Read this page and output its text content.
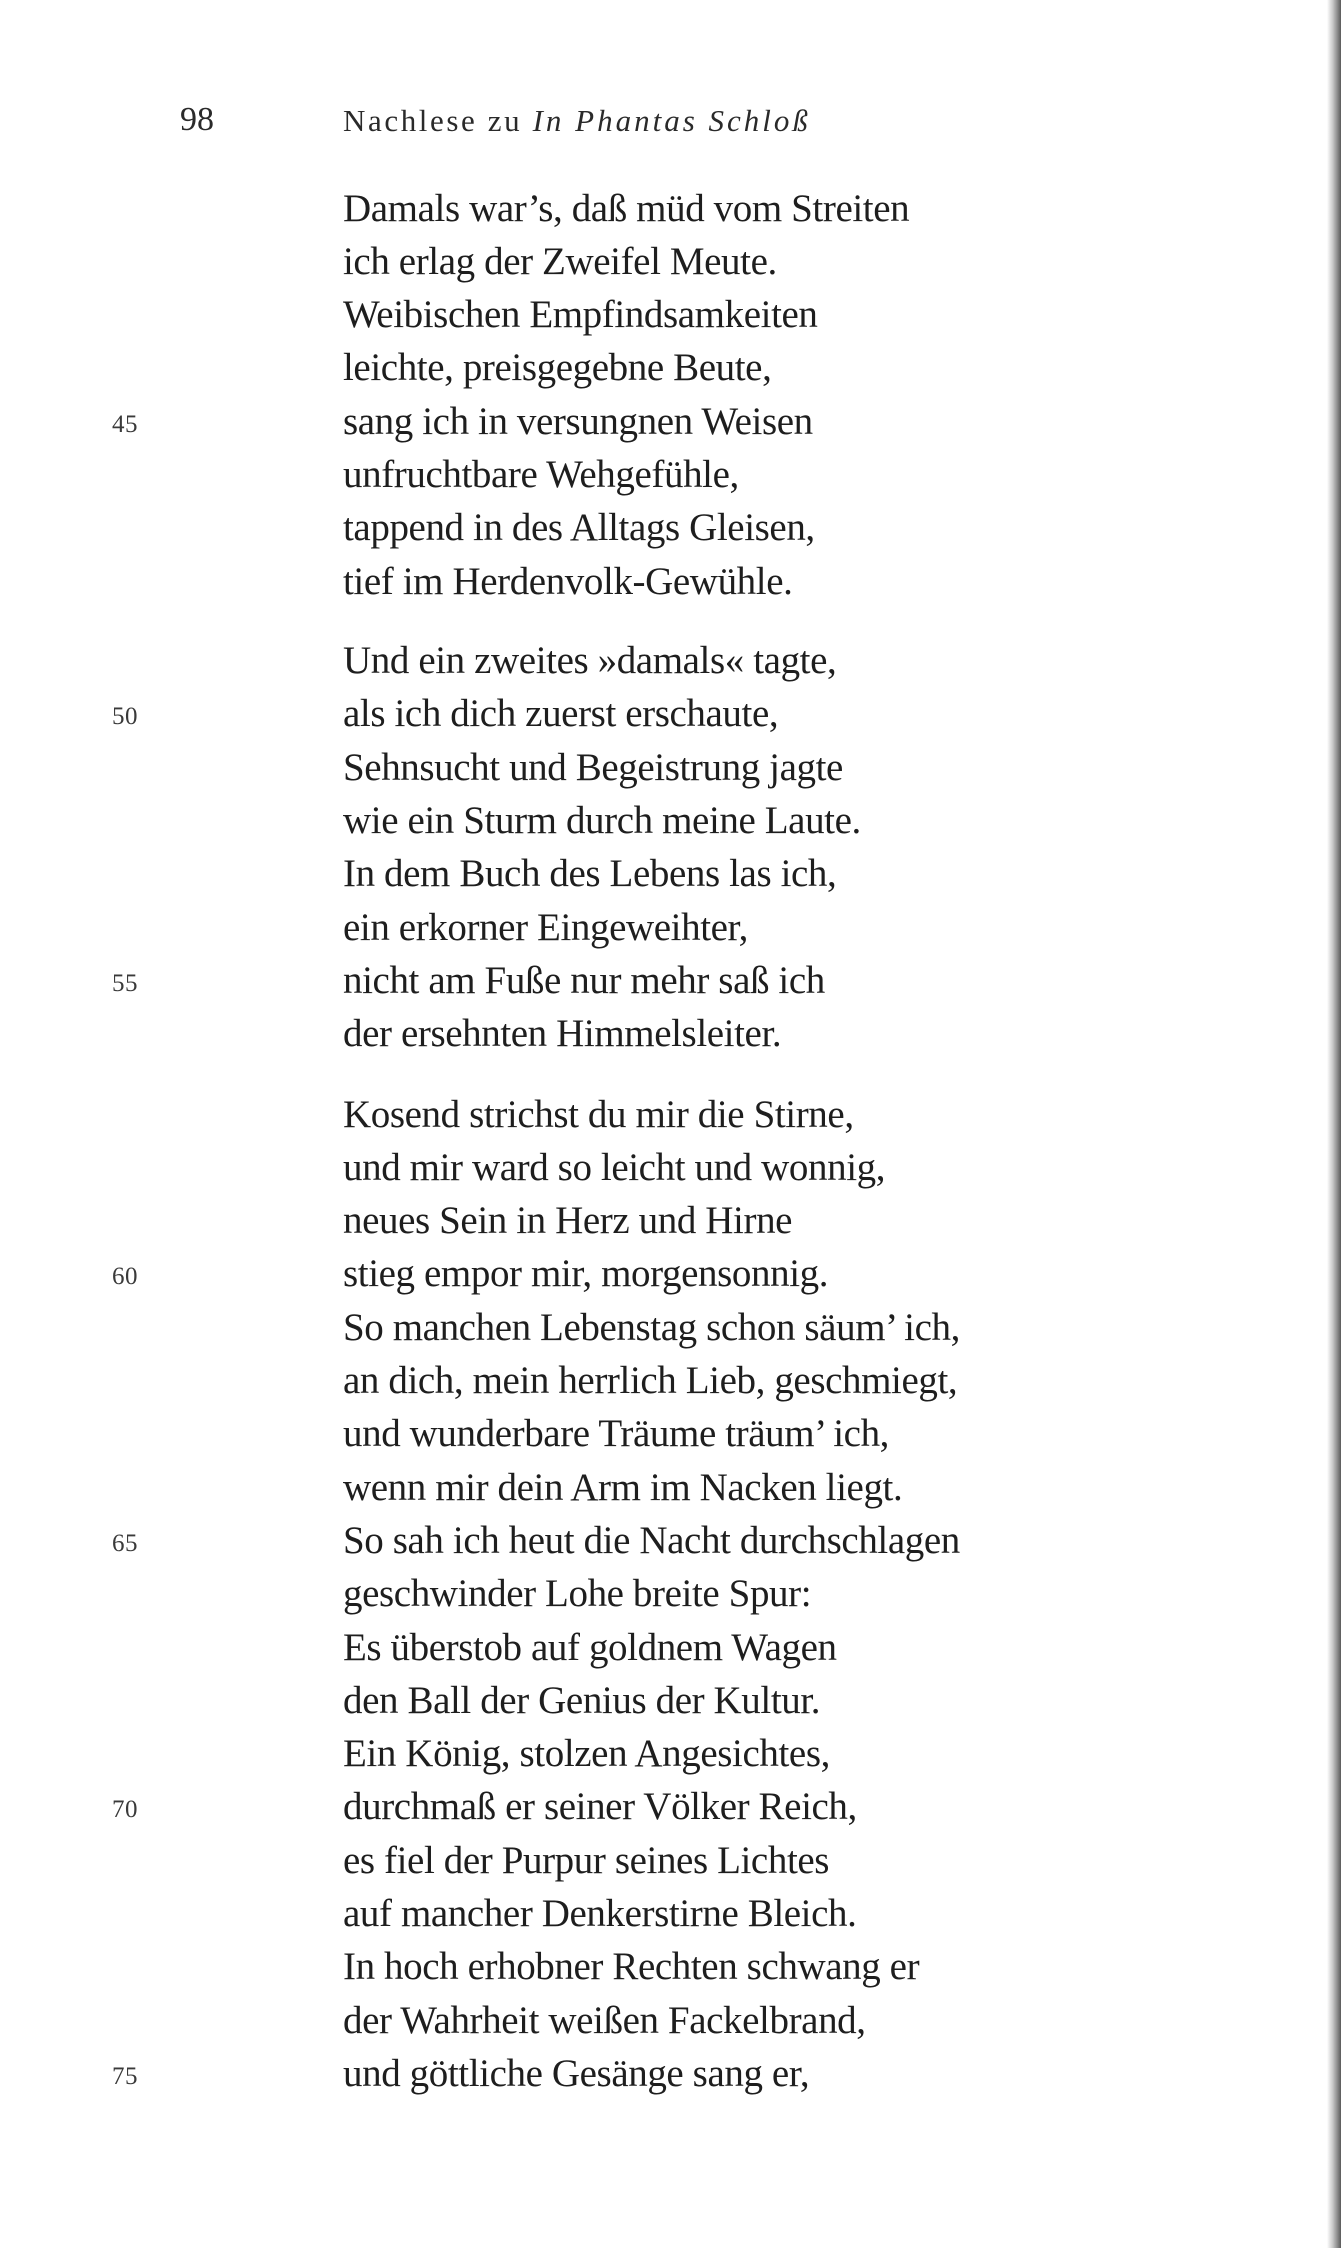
98	Nachlese zu In Phantas Schloß
Damals war’s, daß müd vom Streiten
ich erlag der Zweifel Meute.
Weibischen Empfindsamkeiten
leichte, preisgegebne Beute,
sang ich in versungnen Weisen
45
unfruchtbare Wehgefühle,
tappend in des Alltags Gleisen,
tief im Herdenvolk-Gewühle.
Und ein zweites »damals« tagte,
als ich dich zuerst erschaute,
50
Sehnsucht und Begeistrung jagte
wie ein Sturm durch meine Laute.
In dem Buch des Lebens las ich,
ein erkorner Eingeweihter,
nicht am Fuße nur mehr saß ich
55
der ersehnten Himmelsleiter.
Kosend strichst du mir die Stirne,
und mir ward so leicht und wonnig,
neues Sein in Herz und Hirne
stieg empor mir, morgensonnig.
60
So manchen Lebenstag schon säum’ ich,
an dich, mein herrlich Lieb, geschmiegt,
und wunderbare Träume träum’ ich,
wenn mir dein Arm im Nacken liegt.
So sah ich heut die Nacht durchschlagen
65
geschwinder Lohe breite Spur:
Es überstob auf goldnem Wagen
den Ball der Genius der Kultur.
Ein König, stolzen Angesichtes,
durchmaß er seiner Völker Reich,
70
es fiel der Purpur seines Lichtes
auf mancher Denkerstirne Bleich.
In hoch erhobner Rechten schwang er
der Wahrheit weißen Fackelbrand,
und göttliche Gesänge sang er,
75
